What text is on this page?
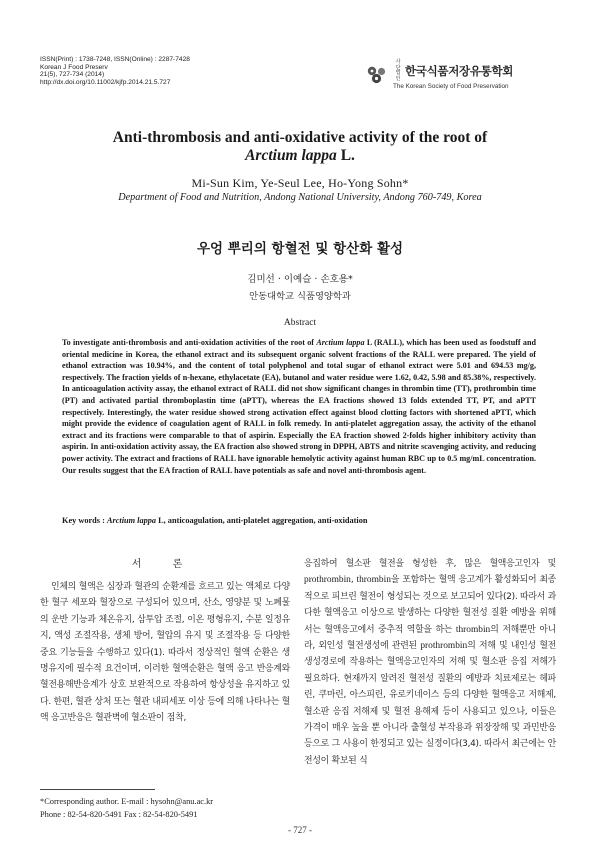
ISSN(Print) : 1738-7248, ISSN(Online) : 2287-7428
Korean J Food Preserv
21(5), 727-734 (2014)
http://dx.doi.org/10.11002/kjfp.2014.21.5.727
사단법인
한국식품저장유통학회
The Korean Society of Food Preservation
Anti-thrombosis and anti-oxidative activity of the root of
Arctium lappa L.
Mi-Sun Kim, Ye-Seul Lee, Ho-Yong Sohn*
Department of Food and Nutrition, Andong National University, Andong 760-749, Korea
우엉 뿌리의 항혈전 및 항산화 활성
김미선 · 이예슬 · 손호용*
안동대학교 식품영양학과
Abstract
To investigate anti-thrombosis and anti-oxidation activities of the root of Arctium lappa L (RALL), which has been used as foodstuff and oriental medicine in Korea, the ethanol extract and its subsequent organic solvent fractions of the RALL were prepared. The yield of ethanol extraction was 10.94%, and the content of total polyphenol and total sugar of ethanol extract were 5.01 and 694.53 mg/g, respectively. The fraction yields of n-hexane, ethylacetate (EA), butanol and water residue were 1.62, 0.42, 5.98 and 85.38%, respectively. In anticoagulation activity assay, the ethanol extract of RALL did not show significant changes in thrombin time (TT), prothrombin time (PT) and activated partial thromboplastin time (aPTT), whereas the EA fractions showed 13 folds extended TT, PT, and aPTT respectively. Interestingly, the water residue showed strong activation effect against blood clotting factors with shortened aPTT, which might provide the evidence of coagulation agent of RALL in folk remedy. In anti-platelet aggregation assay, the activity of the ethanol extract and its fractions were comparable to that of aspirin. Especially the EA fraction showed 2-folds higher inhibitory activity than aspirin. In anti-oxidation activity assay, the EA fraction also showed strong in DPPH, ABTS and nitrite scavenging activity, and reducing power activity. The extract and fractions of RALL have ignorable hemolytic activity against human RBC up to 0.5 mg/mL concentration. Our results suggest that the EA fraction of RALL have potentials as safe and novel anti-thrombosis agent.
Key words : Arctium lappa L, anticoagulation, anti-platelet aggregation, anti-oxidation
서 론

인체의 혈액은 심장과 혈관의 순환계를 흐르고 있는 액체로 다양한 혈구 세포와 혈장으로 구성되어 있으며, 산소, 영양분 및 노폐물의 운반 기능과 체온유지, 삼투압 조절, 이온 평형유지, 수분 일정유지, 액성 조절작용, 생체 방어, 혈압의 유지 및 조절작용 등 다양한 중요 기능들을 수행하고 있다(1). 따라서 정상적인 혈액 순환은 생명유지에 필수적 요건이며, 이러한 혈액순환은 혈액 응고 반응계와 혈전용해반응계가 상호 보완적으로 작용하여 항상성을 유지하고 있다. 한편, 혈관 상처 또는 혈관 내피세포 이상 등에 의해 나타나는 혈액 응고반응은 혈관벽에 혈소판이 점착,

응집하여 혈소판 혈전을 형성한 후, 많은 혈액응고인자 및 prothrombin, thrombin을 포함하는 혈액 응고계가 활성화되어 최종적으로 피브린 혈전이 형성되는 것으로 보고되어 있다(2). 따라서 과다한 혈액응고 이상으로 발생하는 다양한 혈전성 질환 예방을 위해서는 혈액응고에서 중추적 역할을 하는 thrombin의 저해뿐만 아니라, 외인성 혈전생성에 관련된 prothrombin의 저해 및 내인성 혈전생성경로에 작용하는 혈액응고인자의 저해 및 혈소판 응집 저해가 필요하다. 현재까지 알려진 혈전성 질환의 예방과 치료제로는 헤파린, 쿠마린, 아스피린, 유로키네이스 등의 다양한 혈액응고 저해제, 혈소판 응집 저해제 및 혈전 용해제 등이 사용되고 있으나, 이들은 가격이 매우 높을 뿐 아니라 출혈성 부작용과 위장장해 및 과민반응 등으로 그 사용이 한정되고 있는 실정이다(3,4). 따라서 최근에는 안전성이 확보된 식

*Corresponding author. E-mail : hysohn@anu.ac.kr
Phone : 82-54-820-5491 Fax : 82-54-820-5491
- 727 -
